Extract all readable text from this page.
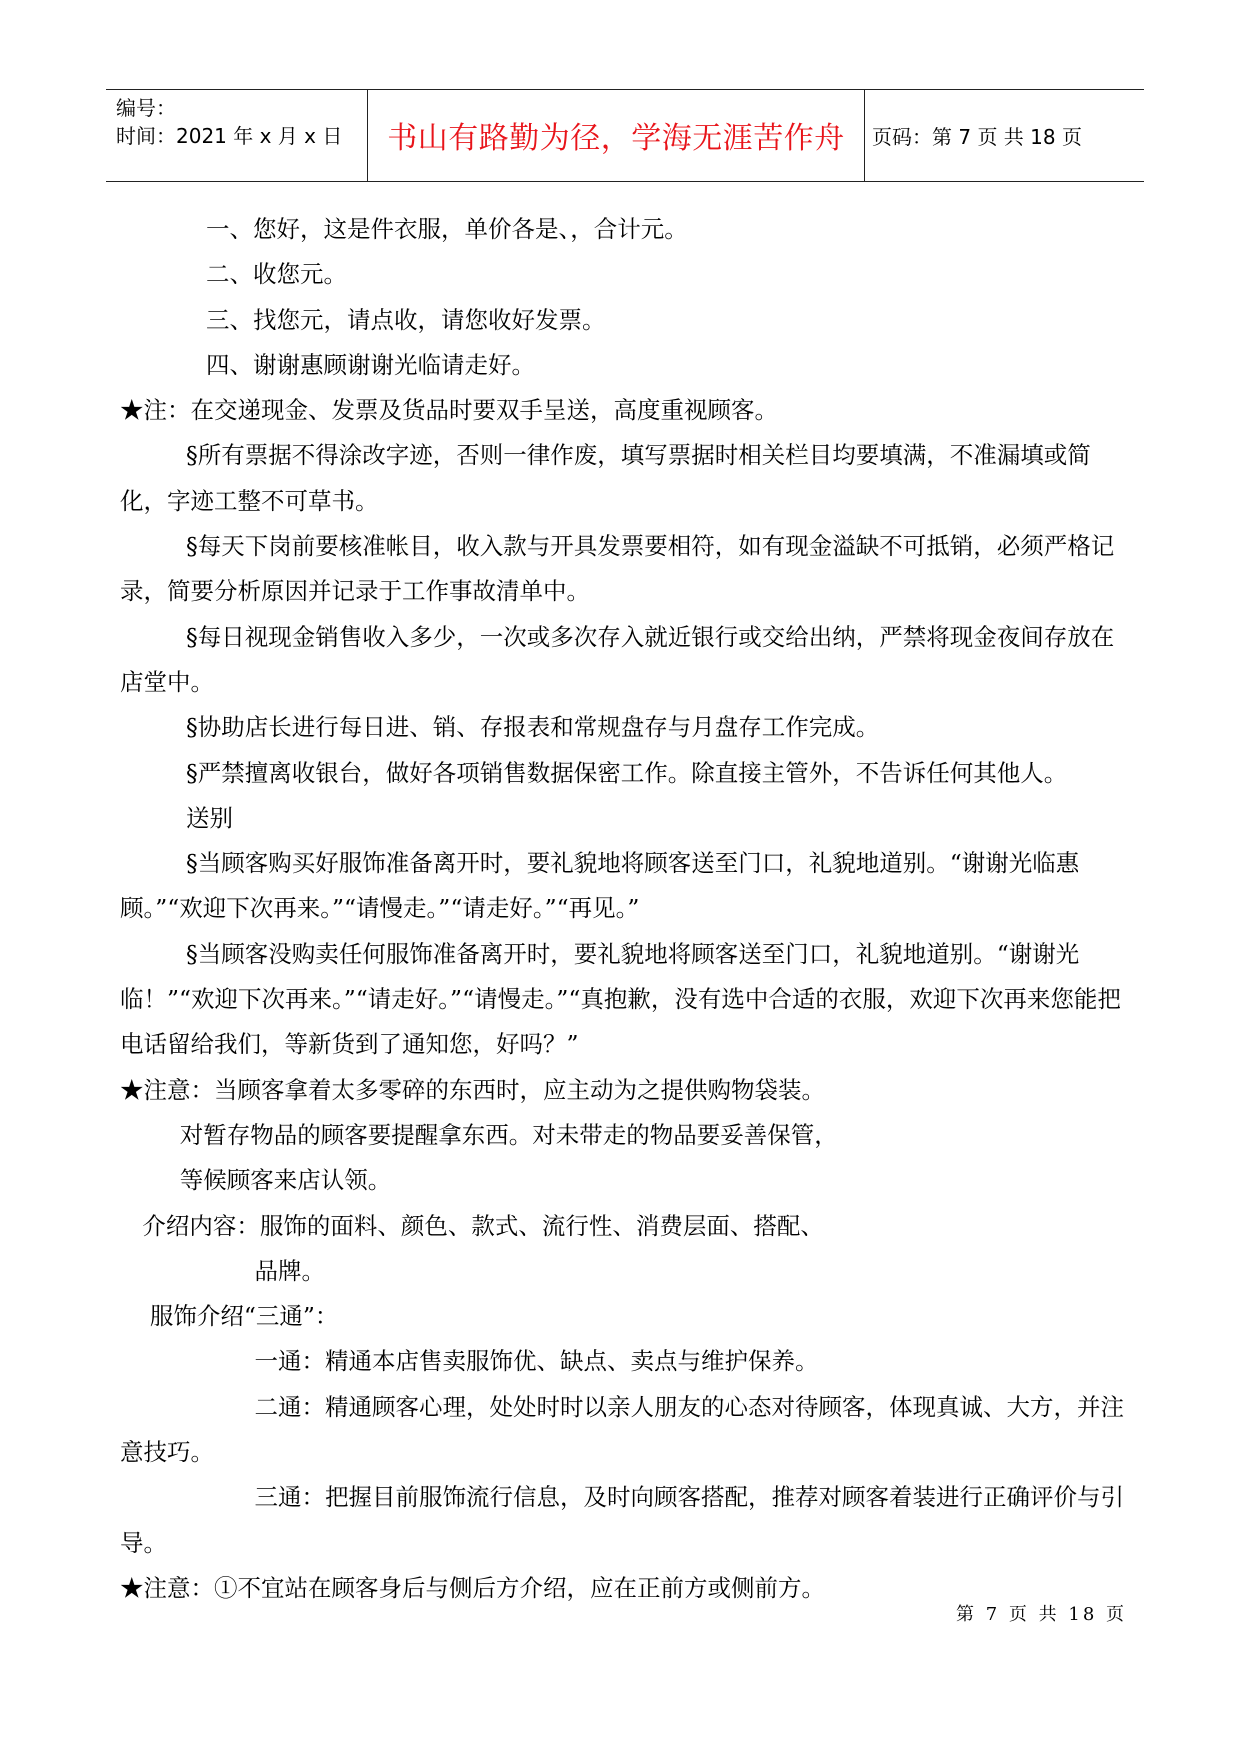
编号：
时间：2021 年 x 月 x 日	书山有路勤为径，学海无涯苦作舟	页码：第 7 页 共 18 页

一、您好，这是件衣服，单价各是、，合计元。

二、收您元。

三、找您元，请点收，请您收好发票。

四、谢谢惠顾谢谢光临请走好。

★注：在交递现金、发票及货品时要双手呈送，高度重视顾客。

§所有票据不得涂改字迹，否则一律作废，填写票据时相关栏目均要填满，不准漏填或简化，字迹工整不可草书。

§每天下岗前要核准帐目，收入款与开具发票要相符，如有现金溢缺不可抵销，必须严格记录，简要分析原因并记录于工作事故清单中。

§每日视现金销售收入多少，一次或多次存入就近银行或交给出纳，严禁将现金夜间存放在店堂中。

§协助店长进行每日进、销、存报表和常规盘存与月盘存工作完成。

§严禁擅离收银台，做好各项销售数据保密工作。除直接主管外，不告诉任何其他人。

送别

§当顾客购买好服饰准备离开时，要礼貌地将顾客送至门口，礼貌地道别。“谢谢光临惠顾。”“欢迎下次再来。”“请慢走。”“请走好。”“再见。”

§当顾客没购卖任何服饰准备离开时，要礼貌地将顾客送至门口，礼貌地道别。“谢谢光临！”“欢迎下次再来。”“请走好。”“请慢走。”“真抱歉，没有选中合适的衣服，欢迎下次再来您能把电话留给我们，等新货到了通知您，好吗？”

★注意：当顾客拿着太多零碎的东西时，应主动为之提供购物袋装。

对暂存物品的顾客要提醒拿东西。对未带走的物品要妥善保管，

等候顾客来店认领。

介绍内容：服饰的面料、颜色、款式、流行性、消费层面、搭配、

品牌。

服饰介绍“三通”：

一通：精通本店售卖服饰优、缺点、卖点与维护保养。

二通：精通顾客心理，处处时时以亲人朋友的心态对待顾客，体现真诚、大方，并注意技巧。

三通：把握目前服饰流行信息，及时向顾客搭配，推荐对顾客着装进行正确评价与引导。

★注意：①不宜站在顾客身后与侧后方介绍，应在正前方或侧前方。

第 7 页 共 18 页
